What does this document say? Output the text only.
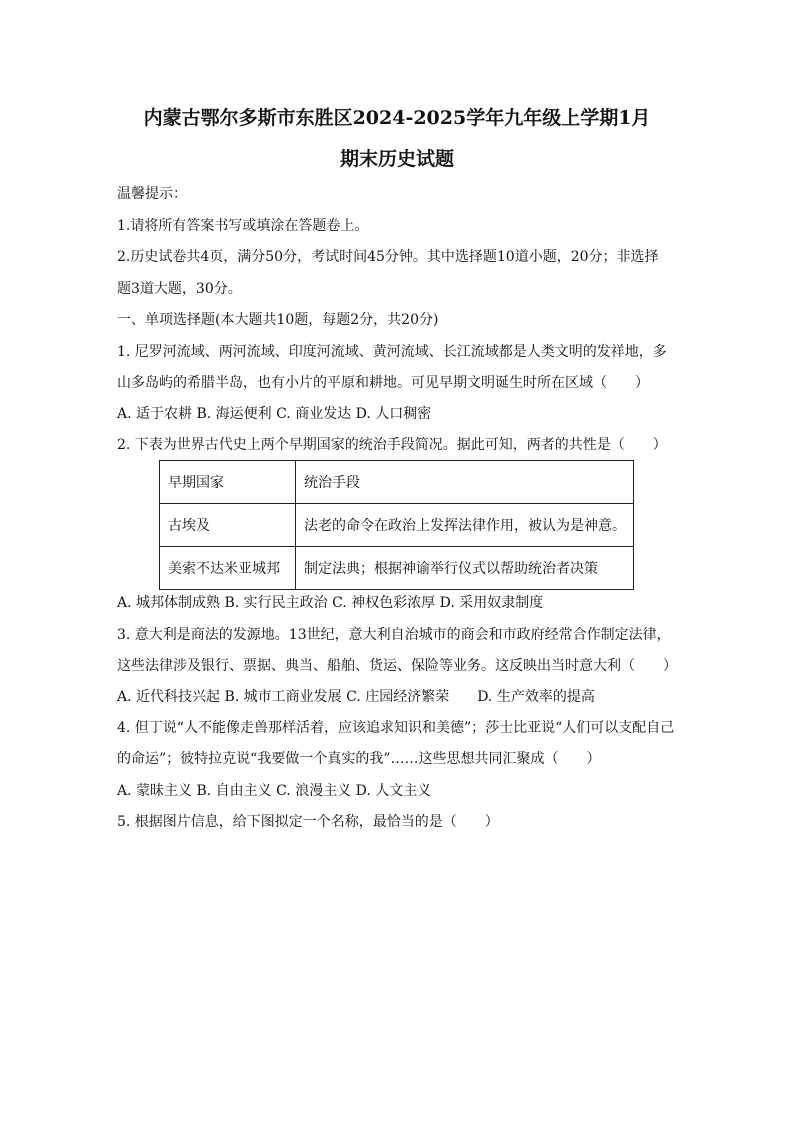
内蒙古鄂尔多斯市东胜区2024-2025学年九年级上学期1月
期末历史试题
温馨提示：
1.请将所有答案书写或填涂在答题卷上。
2.历史试卷共4页，满分50分，考试时间45分钟。其中选择题10道小题，20分；非选择
题3道大题，30分。
一、单项选择题(本大题共10题，每题2分，共20分)
1. 尼罗河流域、两河流域、印度河流域、黄河流域、长江流域都是人类文明的发祥地，多
山多岛屿的希腊半岛，也有小片的平原和耕地。可见早期文明诞生时所在区域（　　）
A. 适于农耕 B. 海运便利 C. 商业发达 D. 人口稠密
2. 下表为世界古代史上两个早期国家的统治手段简况。据此可知，两者的共性是（　　）
早期国家	统治手段
古埃及	法老的命令在政治上发挥法律作用，被认为是神意。
美索不达米亚城邦	制定法典；根据神谕举行仪式以帮助统治者决策
A. 城邦体制成熟 B. 实行民主政治 C. 神权色彩浓厚 D. 采用奴隶制度
3. 意大利是商法的发源地。13世纪，意大利自治城市的商会和市政府经常合作制定法律，
这些法律涉及银行、票据、典当、船舶、货运、保险等业务。这反映出当时意大利（　　）
A. 近代科技兴起 B. 城市工商业发展 C. 庄园经济繁荣　　D. 生产效率的提高
4. 但丁说“人不能像走兽那样活着，应该追求知识和美德”；莎士比亚说“人们可以支配自己
的命运”；彼特拉克说“我要做一个真实的我”……这些思想共同汇聚成（　　）
A. 蒙昧主义 B. 自由主义 C. 浪漫主义 D. 人文主义
5. 根据图片信息，给下图拟定一个名称，最恰当的是（　　）
